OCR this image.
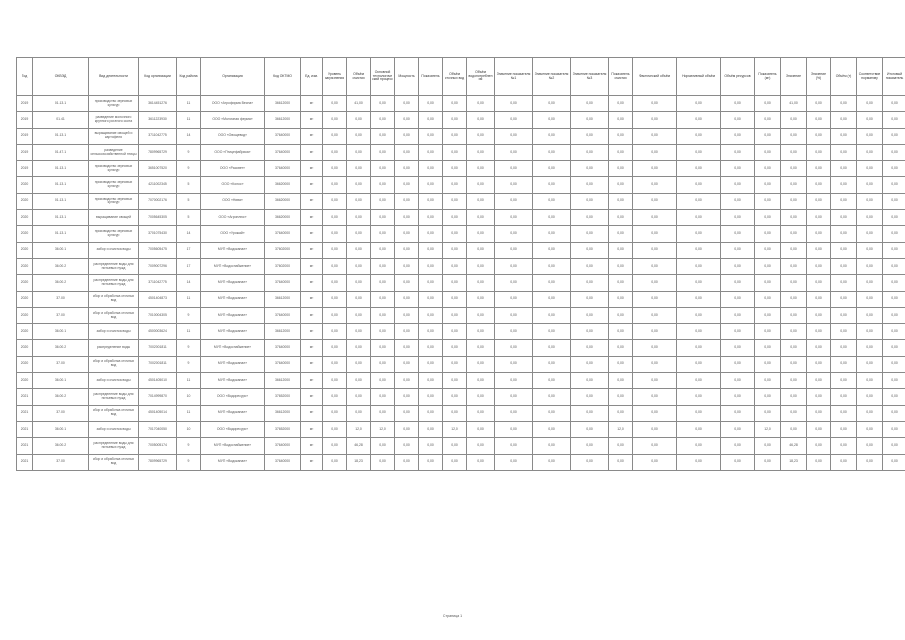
Год	ОКВЭД	Вид деятельности	Код организации	Код района	Организация	Код ОКТМО	Ед. изм.	Уровень загрязнения	Объём очистки	Основной технологический процесс	Мощность	Показатель	Объём сточных вод	Объём водопотребления	Значение показателя №1	Значение показателя №2	Значение показателя №3	Показатель очистки	Фактический объём	Нормативный объём	Объём ресурсов	Показатель (м³)	Значение	Значение (%)	Объём (т)	Соответствие нормативу	Итоговый показатель
2019	01.13.1	производство зерновых культур	3614451276	11	ООО «Агрофирма Весна»	36612000	м³	0,00	41,00	0,00	0,00	0,00	0,00	0,00	0,00	0,00	0,00	0,00	0,00	0,00	0,00	0,00	41,00	0,00	0,00	0,00	0,00
2019	01.41	разведение молочного крупного рогатого скота	3611223930	11	ООО «Молочная ферма»	36612000	м³	0,00	0,00	0,00	0,00	0,00	0,00	0,00	0,00	0,00	0,00	0,00	0,00	0,00	0,00	0,00	0,00	0,00	0,00	0,00	0,00
2019	01.13.1	выращивание овощей и картофеля	3711042775	14	ООО «Овощевод»	37640000	м³	0,00	0,00	0,00	0,00	0,00	0,00	0,00	0,00	0,00	0,00	0,00	0,00	0,00	0,00	0,00	0,00	0,00	0,00	0,00	0,00
2019	01.47.1	разведение сельскохозяйственной птицы	7809965729	9	ООО «Птицефабрика»	37640000	м³	0,00	0,00	0,00	0,00	0,00	0,00	0,00	0,00	0,00	0,00	0,00	0,00	0,00	0,00	0,00	0,00	0,00	0,00	0,00	0,00
2019	01.13.1	производство зерновых культур	3651007520	9	ООО «Рассвет»	37640000	м³	0,00	0,00	0,00	0,00	0,00	0,00	0,00	0,00	0,00	0,00	0,00	0,00	0,00	0,00	0,00	0,00	0,00	0,00	0,00	0,00
2020	01.13.1	производство зерновых культур	4211002345	5	ООО «Колос»	36620000	м³	0,00	0,00	0,00	0,00	0,00	0,00	0,00	0,00	0,00	0,00	0,00	0,00	0,00	0,00	0,00	0,00	0,00	0,00	0,00	0,00
2020	01.13.1	производство зерновых культур	7070002176	5	ООО «Нива»	36620000	м³	0,00	0,00	0,00	0,00	0,00	0,00	0,00	0,00	0,00	0,00	0,00	0,00	0,00	0,00	0,00	0,00	0,00	0,00	0,00	0,00
2020	01.13.1	выращивание овощей	7005645305	5	ООО «Агроплюс»	36620000	м³	0,00	0,00	0,00	0,00	0,00	0,00	0,00	0,00	0,00	0,00	0,00	0,00	0,00	0,00	0,00	0,00	0,00	0,00	0,00	0,00
2020	01.13.1	производство зерновых культур	3701075430	14	ООО «Урожай»	37640000	м³	0,00	0,00	0,00	0,00	0,00	0,00	0,00	0,00	0,00	0,00	0,00	0,00	0,00	0,00	0,00	0,00	0,00	0,00	0,00	0,00
2020	36.00.1	забор и очистка воды	7005605475	17	МУП «Водоканал»	37602000	м³	0,00	0,00	0,00	0,00	0,00	0,00	0,00	0,00	0,00	0,00	0,00	0,00	0,00	0,00	0,00	0,00	0,00	0,00	0,00	0,00
2020	36.00.2	распределение воды для питьевых нужд	7009007296	17	МУП «Водоснабжение»	37602000	м³	0,00	0,00	0,00	0,00	0,00	0,00	0,00	0,00	0,00	0,00	0,00	0,00	0,00	0,00	0,00	0,00	0,00	0,00	0,00	0,00
2020	36.00.2	распределение воды для питьевых нужд	3711042775	14	МУП «Водоканал»	37640000	м³	0,00	0,00	0,00	0,00	0,00	0,00	0,00	0,00	0,00	0,00	0,00	0,00	0,00	0,00	0,00	0,00	0,00	0,00	0,00	0,00
2020	37.00	сбор и обработка сточных вод	4501404873	11	МУП «Водоканал»	36612000	м³	0,00	0,00	0,00	0,00	0,00	0,00	0,00	0,00	0,00	0,00	0,00	0,00	0,00	0,00	0,00	0,00	0,00	0,00	0,00	0,00
2020	37.00	сбор и обработка сточных вод	7010004305	9	МУП «Водоканал»	37640000	м³	0,00	0,00	0,00	0,00	0,00	0,00	0,00	0,00	0,00	0,00	0,00	0,00	0,00	0,00	0,00	0,00	0,00	0,00	0,00	0,00
2020	36.00.1	забор и очистка воды	4500003624	11	МУП «Водоканал»	36612000	м³	0,00	0,00	0,00	0,00	0,00	0,00	0,00	0,00	0,00	0,00	0,00	0,00	0,00	0,00	0,00	0,00	0,00	0,00	0,00	0,00
2020	36.00.2	распределение воды	7002001811	9	МУП «Водоснабжение»	37640000	м³	0,00	0,00	0,00	0,00	0,00	0,00	0,00	0,00	0,00	0,00	0,00	0,00	0,00	0,00	0,00	0,00	0,00	0,00	0,00	0,00
2020	37.00	сбор и обработка сточных вод	7002001811	9	МУП «Водоканал»	37640000	м³	0,00	0,00	0,00	0,00	0,00	0,00	0,00	0,00	0,00	0,00	0,00	0,00	0,00	0,00	0,00	0,00	0,00	0,00	0,00	0,00
2020	36.00.1	забор и очистка воды	4501405010	11	МУП «Водоканал»	36612000	м³	0,00	0,00	0,00	0,00	0,00	0,00	0,00	0,00	0,00	0,00	0,00	0,00	0,00	0,00	0,00	0,00	0,00	0,00	0,00	0,00
2021	36.00.2	распределение воды для питьевых нужд	7014999870	10	ООО «Водоресурс»	37652000	м³	0,00	0,00	0,00	0,00	0,00	0,00	0,00	0,00	0,00	0,00	0,00	0,00	0,00	0,00	0,00	0,00	0,00	0,00	0,00	0,00
2021	37.00	сбор и обработка сточных вод	4501405014	11	МУП «Водоканал»	36612000	м³	0,00	0,00	0,00	0,00	0,00	0,00	0,00	0,00	0,00	0,00	0,00	0,00	0,00	0,00	0,00	0,00	0,00	0,00	0,00	0,00
2021	36.00.1	забор и очистка воды	7017040050	10	ООО «Водоресурс»	37652000	м³	0,00	12,0	12,0	0,00	0,00	12,0	0,00	0,00	0,00	0,00	12,0	0,00	0,00	0,00	12,0	0,00	0,00	0,00	0,00	0,00
2021	36.00.2	распределение воды для питьевых нужд	7005005174	9	МУП «Водоснабжение»	37640000	м³	0,00	46,28	0,00	0,00	0,00	0,00	0,00	0,00	0,00	0,00	0,00	0,00	0,00	0,00	0,00	46,28	0,00	0,00	0,00	0,00
2021	37.00	сбор и обработка сточных вод	7809965729	9	МУП «Водоканал»	37640000	м³	0,00	18,23	0,00	0,00	0,00	0,00	0,00	0,00	0,00	0,00	0,00	0,00	0,00	0,00	0,00	18,23	0,00	0,00	0,00	0,00
Страница 1
